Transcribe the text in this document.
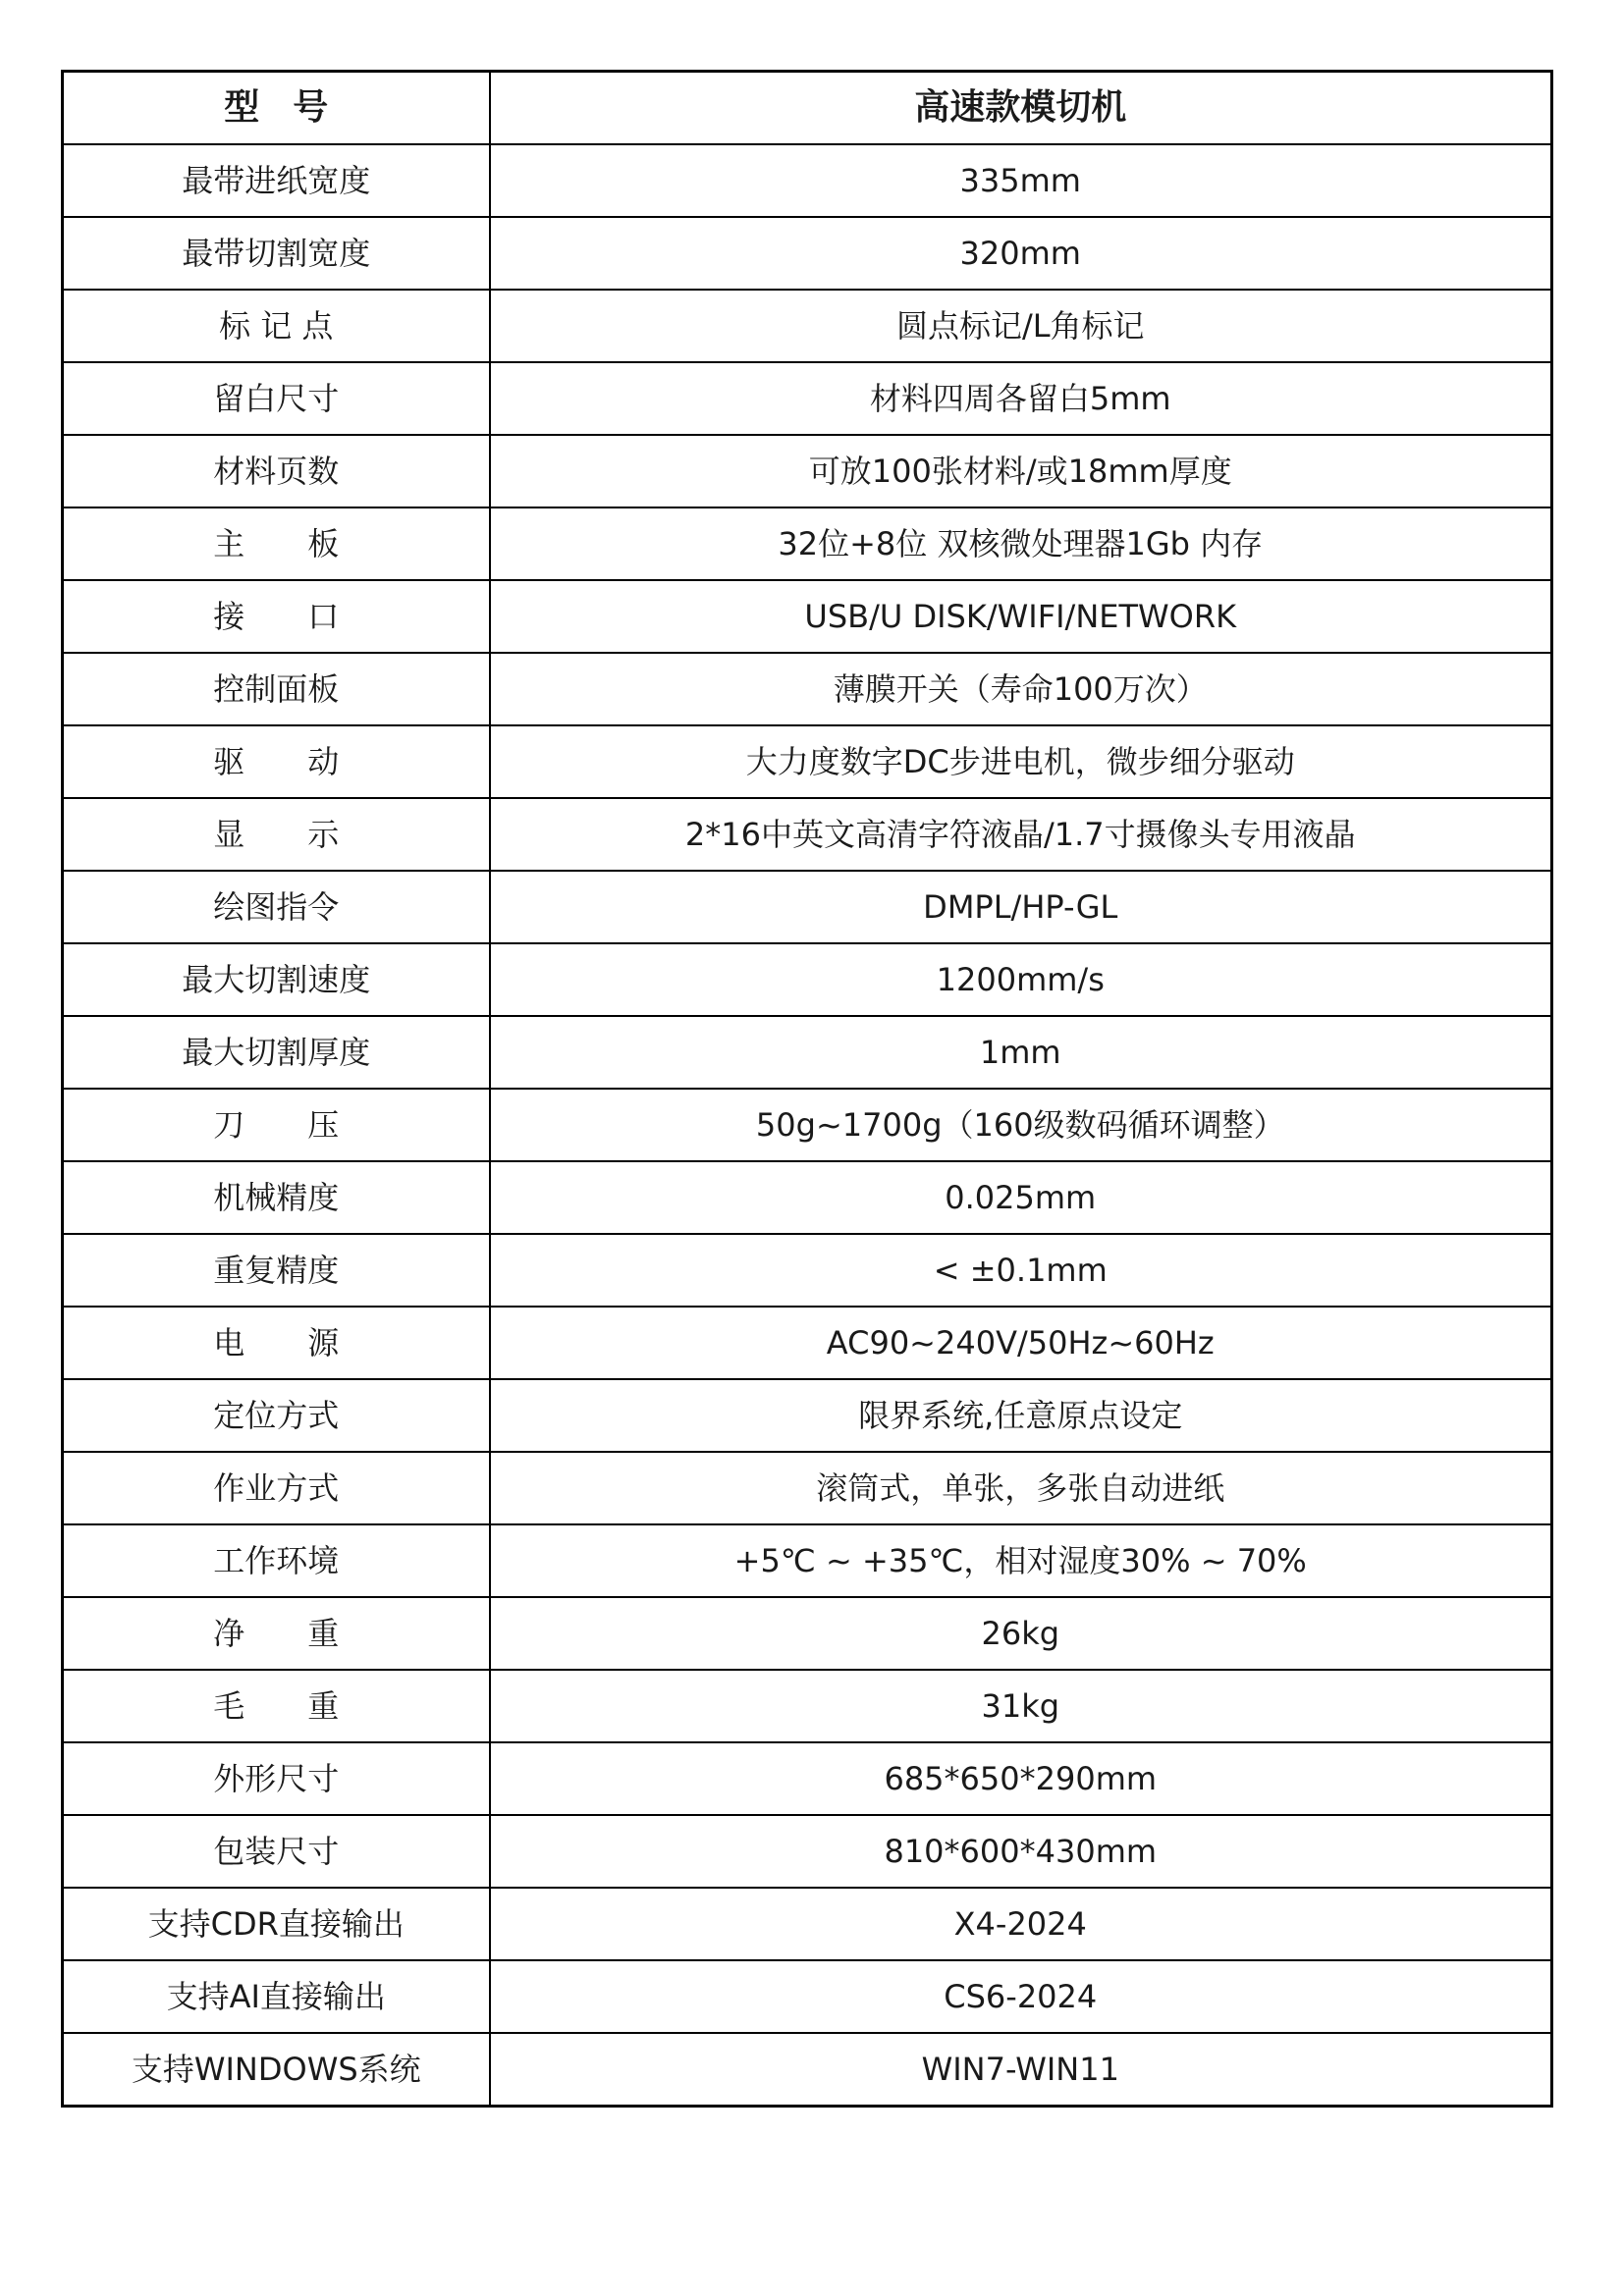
型号	高速款模切机
最带进纸宽度	335mm
最带切割宽度	320mm
标 记 点	圆点标记/L角标记
留白尺寸	材料四周各留白5mm
材料页数	可放100张材料/或18mm厚度
主　　板	32位+8位 双核微处理器1Gb 内存
接　　口	USB/U DISK/WIFI/NETWORK
控制面板	薄膜开关（寿命100万次）
驱　　动	大力度数字DC步进电机，微步细分驱动
显　　示	2*16中英文高清字符液晶/1.7寸摄像头专用液晶
绘图指令	DMPL/HP-GL
最大切割速度	1200mm/s
最大切割厚度	1mm
刀　　压	50g~1700g（160级数码循环调整）
机械精度	0.025mm
重复精度	< ±0.1mm
电　　源	AC90~240V/50Hz~60Hz
定位方式	限界系统,任意原点设定
作业方式	滚筒式，单张，多张自动进纸
工作环境	+5℃ ~ +35℃，相对湿度30% ~ 70%
净　　重	26kg
毛　　重	31kg
外形尺寸	685*650*290mm
包装尺寸	810*600*430mm
支持CDR直接输出	X4-2024
支持AI直接输出	CS6-2024
支持WINDOWS系统	WIN7-WIN11
